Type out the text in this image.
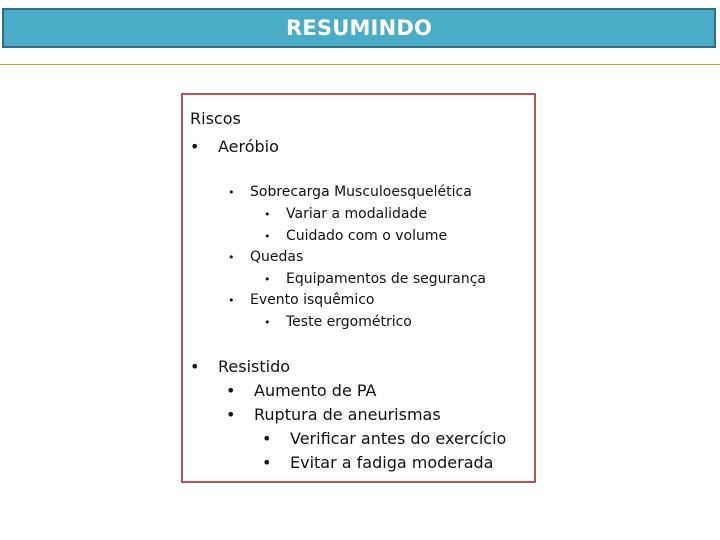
RESUMINDO
Riscos
•	Aeróbio
•	Sobrecarga Musculoesquelética
•	Variar a modalidade
•	Cuidado com o volume
•	Quedas
•	Equipamentos de segurança
•	Evento isquêmico
•	Teste ergométrico
•	Resistido
•	Aumento de PA
•	Ruptura de aneurismas
•	Verificar antes do exercício
•	Evitar a fadiga moderada
